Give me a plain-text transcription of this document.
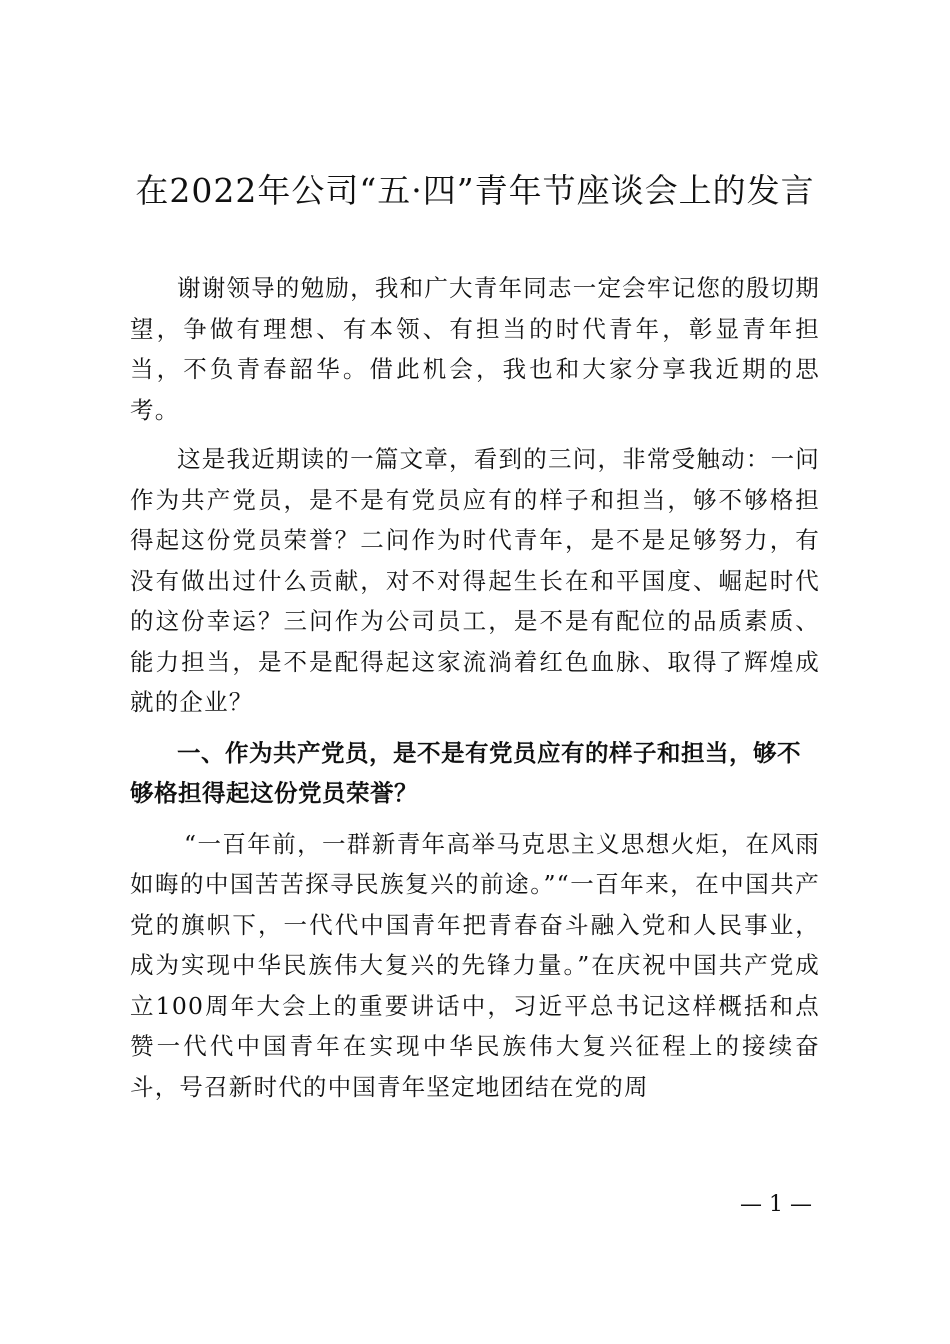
在2022年公司“五·四”青年节座谈会上的发言

谢谢领导的勉励，我和广大青年同志一定会牢记您的殷切期望，争做有理想、有本领、有担当的时代青年，彰显青年担当，不负青春韶华。借此机会，我也和大家分享我近期的思考。

这是我近期读的一篇文章，看到的三问，非常受触动：一问作为共产党员，是不是有党员应有的样子和担当，够不够格担得起这份党员荣誉？二问作为时代青年，是不是足够努力，有没有做出过什么贡献，对不对得起生长在和平国度、崛起时代的这份幸运？三问作为公司员工，是不是有配位的品质素质、能力担当，是不是配得起这家流淌着红色血脉、取得了辉煌成就的企业？

一、作为共产党员，是不是有党员应有的样子和担当，够不够格担得起这份党员荣誉？

“一百年前，一群新青年高举马克思主义思想火炬，在风雨如晦的中国苦苦探寻民族复兴的前途。”“一百年来，在中国共产党的旗帜下，一代代中国青年把青春奋斗融入党和人民事业，成为实现中华民族伟大复兴的先锋力量。”在庆祝中国共产党成立100周年大会上的重要讲话中，习近平总书记这样概括和点赞一代代中国青年在实现中华民族伟大复兴征程上的接续奋斗，号召新时代的中国青年坚定地团结在党的周

— 1 —
